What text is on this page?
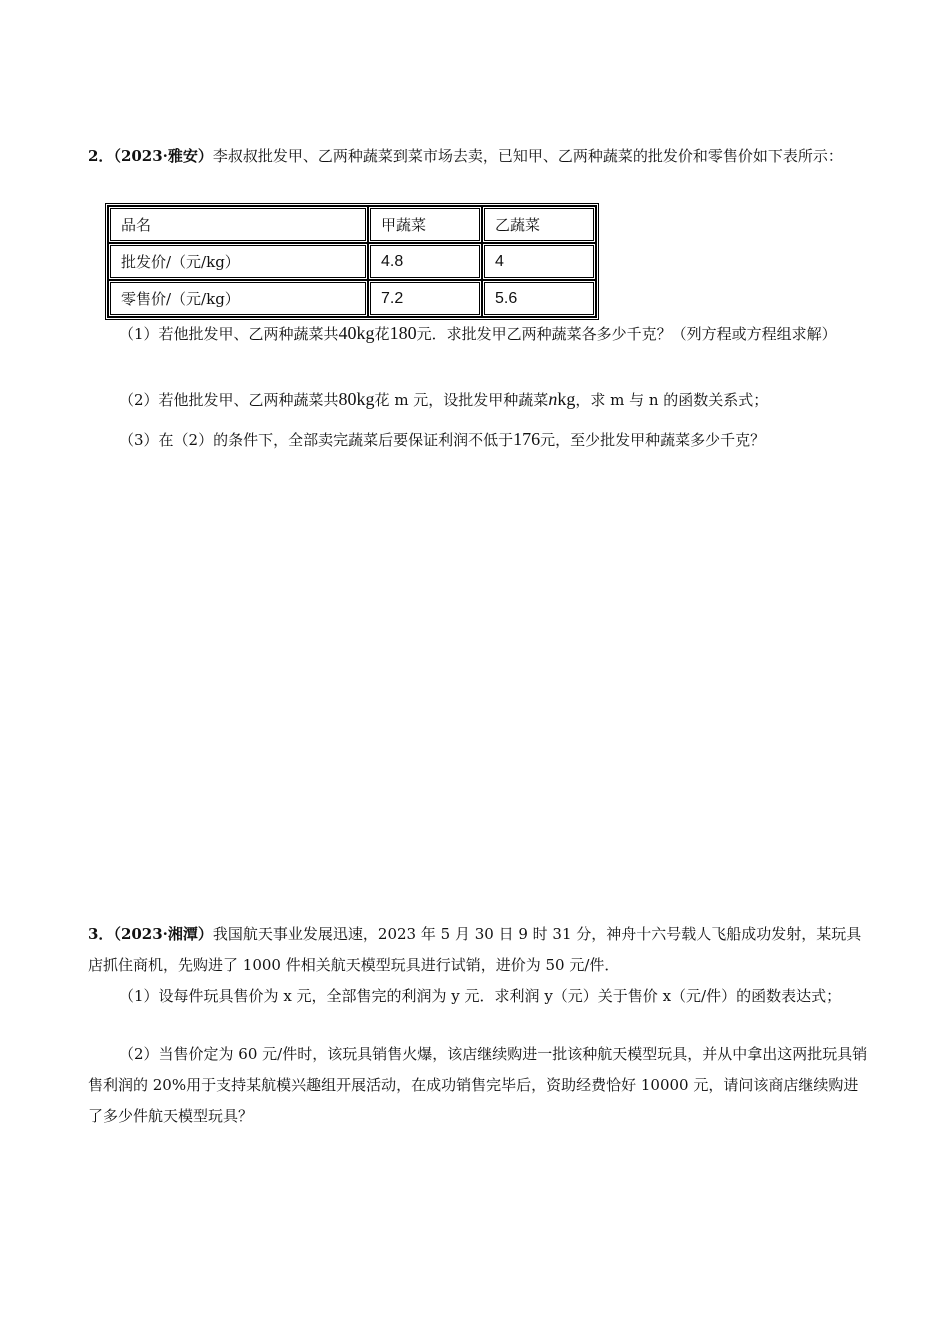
2．（2023·雅安）李叔叔批发甲、乙两种蔬菜到菜市场去卖，已知甲、乙两种蔬菜的批发价和零售价如下表所示：

品名	甲蔬菜	乙蔬菜
批发价/（元/kg）	4.8	4
零售价/（元/kg）	7.2	5.6

（1）若他批发甲、乙两种蔬菜共40kg花180元．求批发甲乙两种蔬菜各多少千克？（列方程或方程组求解）

（2）若他批发甲、乙两种蔬菜共80kg花 m 元，设批发甲种蔬菜nkg，求 m 与 n 的函数关系式；

（3）在（2）的条件下，全部卖完蔬菜后要保证利润不低于176元，至少批发甲种蔬菜多少千克？

3．（2023·湘潭）我国航天事业发展迅速，2023 年 5 月 30 日 9 时 31 分，神舟十六号载人飞船成功发射，某玩具店抓住商机，先购进了 1000 件相关航天模型玩具进行试销，进价为 50 元/件．

（1）设每件玩具售价为 x 元，全部售完的利润为 y 元．求利润 y（元）关于售价 x（元/件）的函数表达式；

（2）当售价定为 60 元/件时，该玩具销售火爆，该店继续购进一批该种航天模型玩具，并从中拿出这两批玩具销售利润的 20%用于支持某航模兴趣组开展活动，在成功销售完毕后，资助经费恰好 10000 元，请问该商店继续购进了多少件航天模型玩具？
